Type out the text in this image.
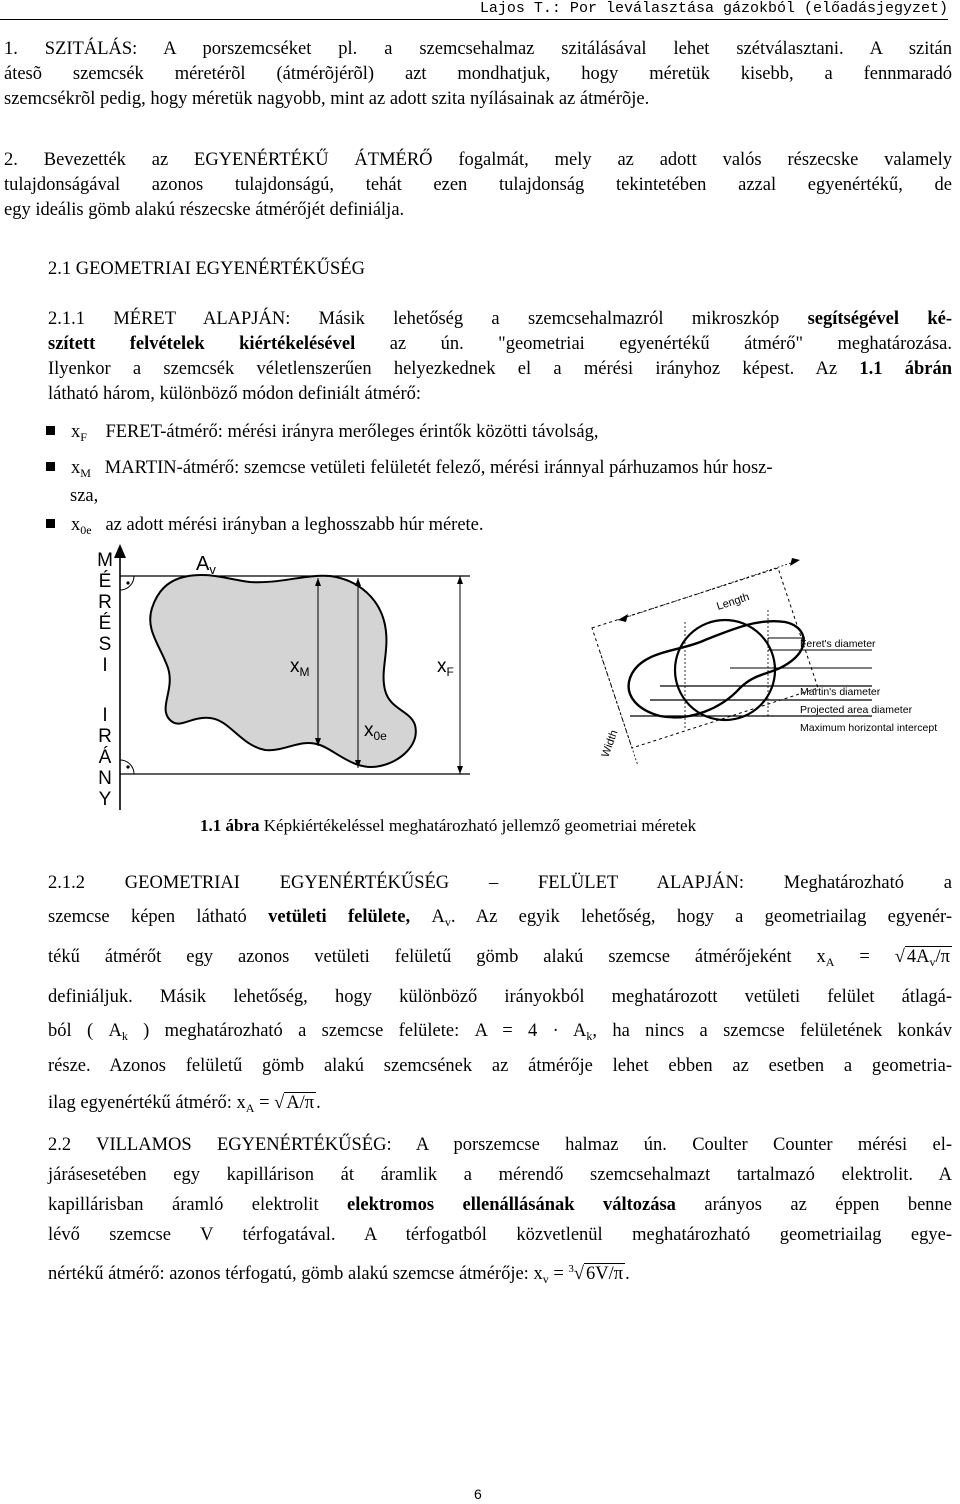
Lajos T.: Por leválasztása gázokból (előadásjegyzet)
1. SZITÁLÁS: A porszemcséket pl. a szemcsehalmaz szitálásával lehet szétválasztani. A szitán
átesõ szemcsék méretérõl (átmérõjérõl) azt mondhatjuk, hogy méretük kisebb, a fennmaradó
szemcsékrõl pedig, hogy méretük nagyobb, mint az adott szita nyílásainak az átmérõje.
2. Bevezették az EGYENÉRTÉKŰ ÁTMÉRŐ fogalmát, mely az adott valós részecske valamely
tulajdonságával azonos tulajdonságú, tehát ezen tulajdonság tekintetében azzal egyenértékű, de
egy ideális gömb alakú részecske átmérőjét definiálja.
2.1 GEOMETRIAI EGYENÉRTÉKŰSÉG
2.1.1 MÉRET ALAPJÁN: Másik lehetőség a szemcsehalmazról mikroszkóp segítségével ké-
szített felvételek kiértékelésével az ún. "geometriai egyenértékű átmérő" meghatározása.
Ilyenkor a szemcsék véletlenszerűen helyezkednek el a mérési irányhoz képest. Az 1.1 ábrán
látható három, különböző módon definiált átmérő:
$x_F$ FERET-átmérő: mérési irányra merőleges érintők közötti távolság,
$x_M$ MARTIN-átmérő: szemcse vetületi felületét felező, mérési iránnyal párhuzamos húr hosz-
sza,
$x_{0e}$ az adott mérési irányban a leghosszabb húr mérete.
M
É
R
É
S
I
I
R
Á
N
Y
$A_v$
$x_M$	$x_F$
$x_{0e}$
Length
Width
Feret's diameter
Martin's diameter
Projected area diameter
Maximum horizontal intercept
1.1 ábra Képkiértékeléssel meghatározható jellemző geometriai méretek
2.1.2 GEOMETRIAI EGYENÉRTÉKŰSÉG – FELÜLET ALAPJÁN: Meghatározható a
szemcse képen látható vetületi felülete, $A_v$. Az egyik lehetőség, hogy a geometriailag egyenér-
tékű átmérőt egy azonos vetületi felületű gömb alakú szemcse átmérőjeként $x_A$ = √ $4A_v/\pi$
definiáljuk. Másik lehetőség, hogy különböző irányokból meghatározott vetületi felület átlagá-
ból ( $A_k$ ) meghatározható a szemcse felülete: $A = 4 \cdot A_k$, ha nincs a szemcse felületének konkáv
része. Azonos felületű gömb alakú szemcsének az átmérője lehet ebben az esetben a geometria-
ilag egyenértékű átmérő: $x_A$ = √ A/π .
2.2 VILLAMOS EGYENÉRTÉKŰSÉG: A porszemcse halmaz ún. Coulter Counter mérési el-
járásesetében egy kapillárison át áramlik a mérendő szemcsehalmazt tartalmazó elektrolit. A
kapillárisban áramló elektrolit elektromos ellenállásának változása arányos az éppen benne
lévő szemcse V térfogatával. A térfogatból közvetlenül meghatározható geometriailag egye-
nértékű átmérő: azonos térfogatú, gömb alakú szemcse átmérője: $x_v = ^3√$ 6V/π .
6
